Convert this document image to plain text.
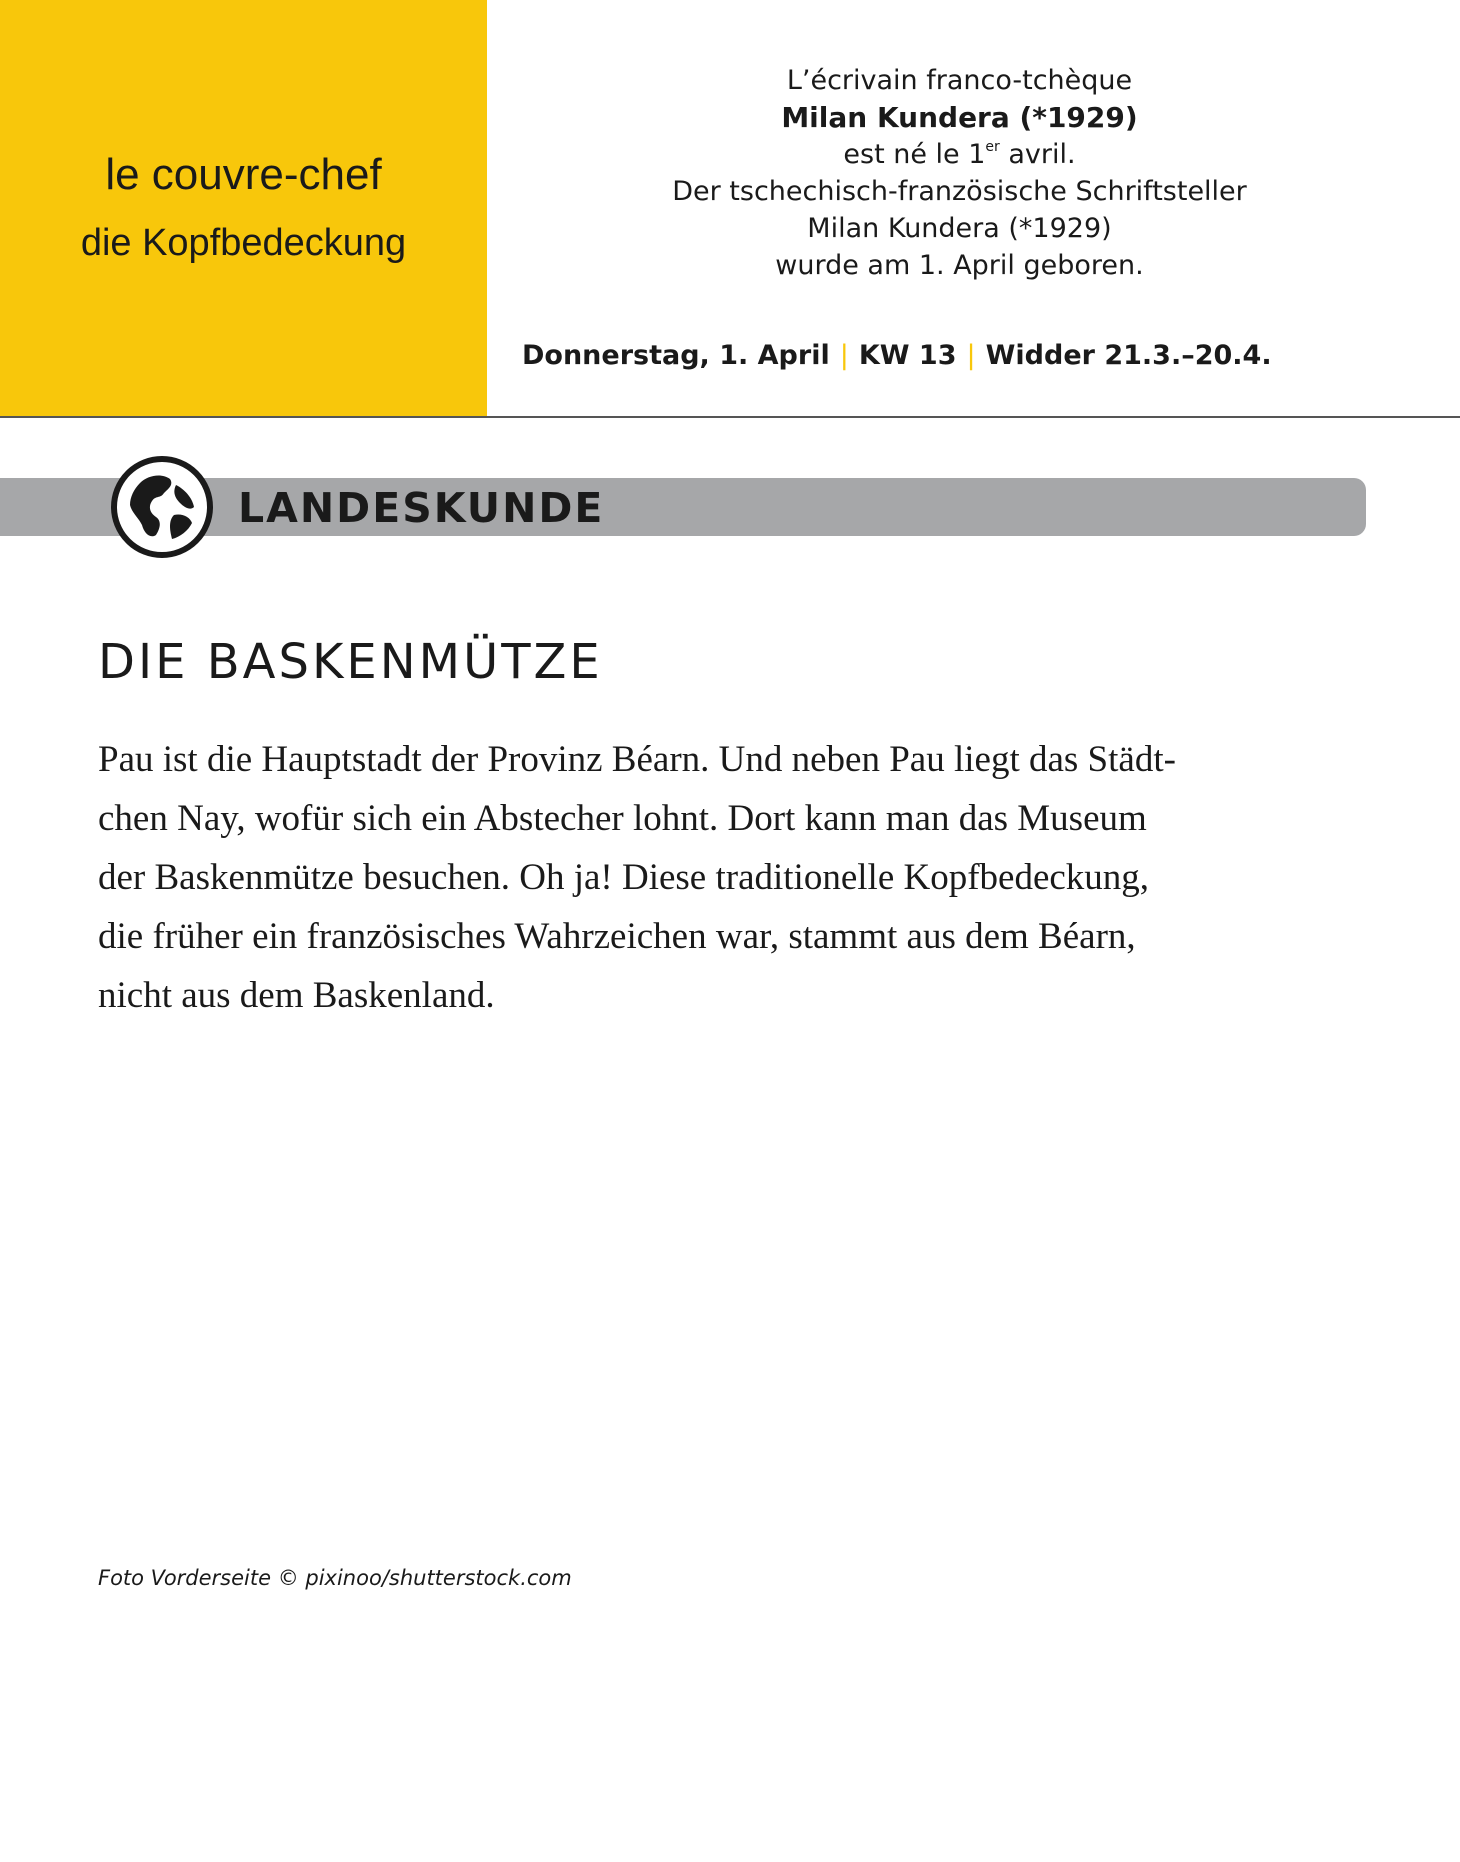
le couvre-chef
die Kopfbedeckung
L’écrivain franco-tchèque
Milan Kundera (*1929)
est né le 1er avril.
Der tschechisch-französische Schriftsteller
Milan Kundera (*1929)
wurde am 1. April geboren.
Donnerstag, 1. April | KW 13 | Widder 21.3.–20.4.
LANDESKUNDE
DIE BASKENMÜTZE
Pau ist die Hauptstadt der Provinz Béarn. Und neben Pau liegt das Städt-
chen Nay, wofür sich ein Abstecher lohnt. Dort kann man das Museum
der Baskenmütze besuchen. Oh ja! Diese traditionelle Kopfbedeckung,
die früher ein französisches Wahrzeichen war, stammt aus dem Béarn,
nicht aus dem Baskenland.
Foto Vorderseite © pixinoo/shutterstock.com
